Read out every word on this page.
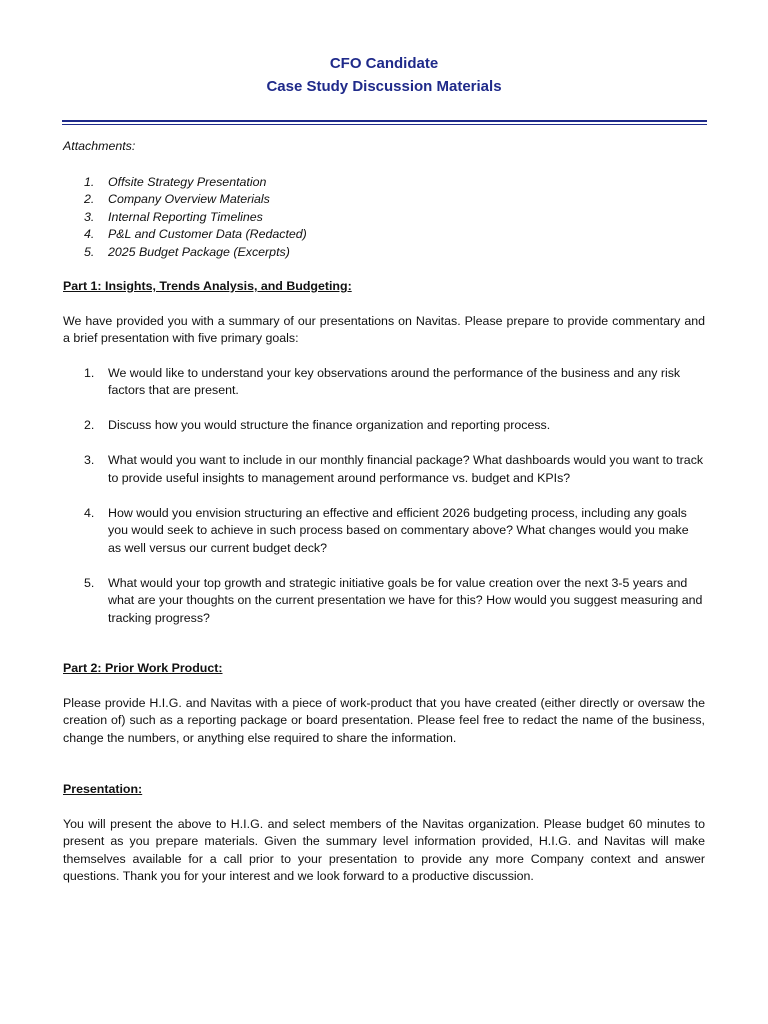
CFO Candidate
Case Study Discussion Materials
Attachments:
1. Offsite Strategy Presentation
2. Company Overview Materials
3. Internal Reporting Timelines
4. P&L and Customer Data (Redacted)
5. 2025 Budget Package (Excerpts)
Part 1: Insights, Trends Analysis, and Budgeting:
We have provided you with a summary of our presentations on Navitas. Please prepare to provide commentary and a brief presentation with five primary goals:
1. We would like to understand your key observations around the performance of the business and any risk factors that are present.
2. Discuss how you would structure the finance organization and reporting process.
3. What would you want to include in our monthly financial package? What dashboards would you want to track to provide useful insights to management around performance vs. budget and KPIs?
4. How would you envision structuring an effective and efficient 2026 budgeting process, including any goals you would seek to achieve in such process based on commentary above? What changes would you make as well versus our current budget deck?
5. What would your top growth and strategic initiative goals be for value creation over the next 3-5 years and what are your thoughts on the current presentation we have for this? How would you suggest measuring and tracking progress?
Part 2: Prior Work Product:
Please provide H.I.G. and Navitas with a piece of work-product that you have created (either directly or oversaw the creation of) such as a reporting package or board presentation. Please feel free to redact the name of the business, change the numbers, or anything else required to share the information.
Presentation:
You will present the above to H.I.G. and select members of the Navitas organization. Please budget 60 minutes to present as you prepare materials. Given the summary level information provided, H.I.G. and Navitas will make themselves available for a call prior to your presentation to provide any more Company context and answer questions. Thank you for your interest and we look forward to a productive discussion.
